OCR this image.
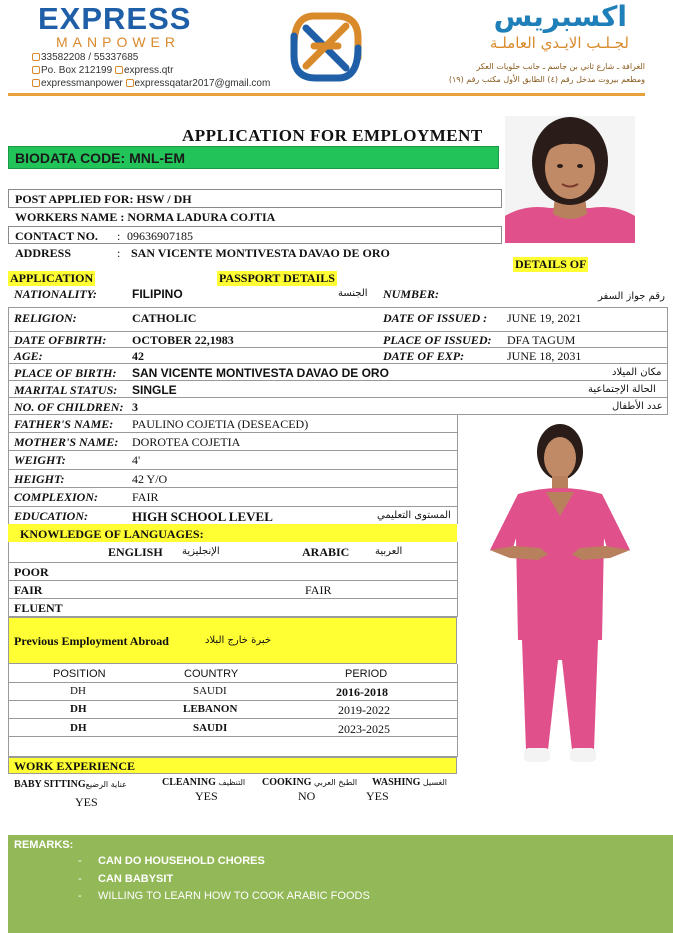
EXPRESS
MANPOWER
33582208 / 55337685
Po. Box 212199 express.qtr
expressmanpower expressqatar2017@gmail.com
اكسبريس
لجـلـب الايـدي العاملـة
الغرافة ـ شارع ثاني بن جاسم ـ جانب حلويات العكر
ومطعم بيروت مدخل رقم (٤) الطابق الأول مكتب رقم (١٩)
APPLICATION FOR EMPLOYMENT
BIODATA CODE: MNL-EM
POST APPLIED FOR: HSW / DH
WORKERS NAME : NORMA LADURA COJTIA
CONTACT NO. : 09636907185
ADDRESS	: SAN VICENTE MONTIVESTA DAVAO DE ORO
APPLICATION	PASSPORT DETAILS
DETAILS OF
NATIONALITY:	FILIPINO	الجنسة NUMBER:	رقم جواز السفر
RELIGION:	CATHOLIC	DATE OF ISSUED : JUNE 19, 2021
DATE OFBIRTH: OCTOBER 22,1983	PLACE OF ISSUED: DFA TAGUM
AGE:	42	DATE OF EXP:	JUNE 18, 2031
PLACE OF BIRTH: SAN VICENTE MONTIVESTA DAVAO DE ORO	مكان الميلاد
MARITAL STATUS: SINGLE	الحالة الإجتماعية
NO. OF CHILDREN: 3	عدد الأطفال
FATHER'S NAME: PAULINO COJETIA (DESEACED)
MOTHER'S NAME: DOROTEA COJETIA
WEIGHT:	4'
HEIGHT:	42 Y/O
COMPLEXION:	FAIR
EDUCATION:	HIGH SCHOOL LEVEL	المستوى التعليمي
KNOWLEDGE OF LANGUAGES:
ENGLISH الإنجليزية	ARABIC	العربية
POOR
FAIR	FAIR
FLUENT
Previous Employment Abroad	خبرة خارج البلاد
POSITION	COUNTRY	PERIOD
DH	SAUDI	2016-2018
DH	LEBANON	2019-2022
DH	SAUDI	2023-2025
WORK EXPERIENCE
BABY SITTINGعناية الرضيع
YES
CLEANING التنظيف
YES
COOKING الطبخ العربي
NO
WASHING الغسيل
YES
REMARKS:
- CAN DO HOUSEHOLD CHORES
- CAN BABYSIT
- WILLING TO LEARN HOW TO COOK ARABIC FOODS
